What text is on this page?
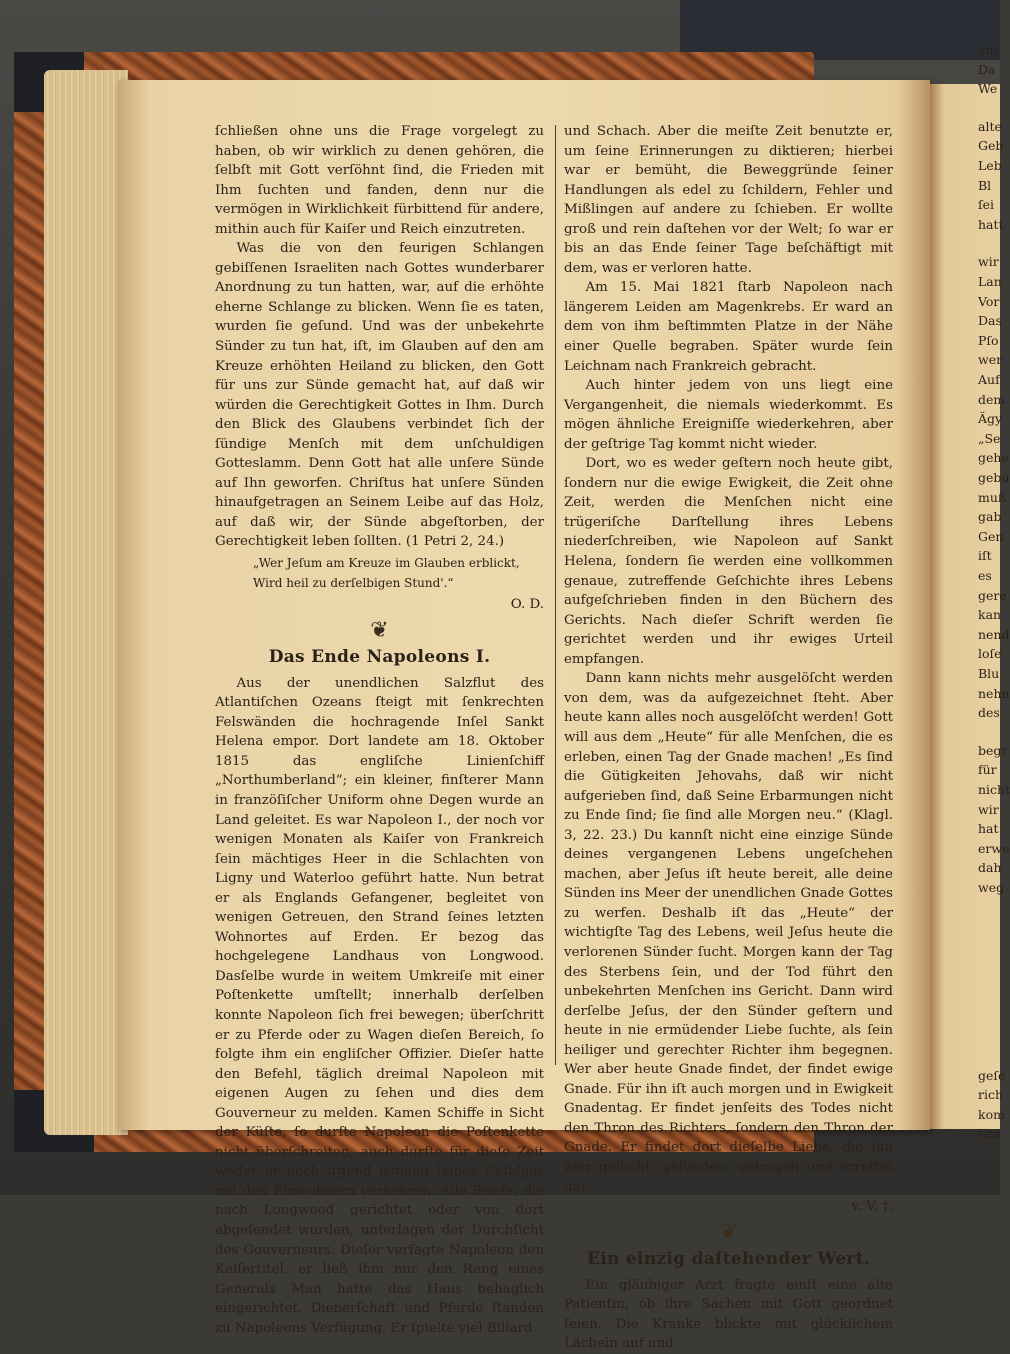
ant
Da
We
alte
Geb
Leb
Bl
ſei
hatt
wir
Lan
Vor
Das
Pſo
wer
Auf
dem
Ägy
„Se
gehe
gebu
muß
gab
Gen
iſt
es
gere
kan
nend
loſe
Blu
nehn
des
begr
für
nicht
wir
hat
erwe
dah
weg
geſe
rich
kom
Grä

ſchließen ohne uns die Frage vorgelegt zu haben, ob wir wirklich zu denen gehören, die ſelbſt mit Gott verſöhnt ſind, die Frieden mit Ihm ſuchten und fanden, denn nur die vermögen in Wirklichkeit fürbittend für andere, mithin auch für Kaiſer und Reich einzutreten.

Was die von den feurigen Schlangen gebiſſenen Israeliten nach Gottes wunderbarer Anordnung zu tun hatten, war, auf die erhöhte eherne Schlange zu blicken. Wenn ſie es taten, wurden ſie geſund. Und was der unbekehrte Sünder zu tun hat, iſt, im Glauben auf den am Kreuze erhöhten Heiland zu blicken, den Gott für uns zur Sünde gemacht hat, auf daß wir würden die Gerechtigkeit Gottes in Ihm. Durch den Blick des Glaubens verbindet ſich der ſündige Menſch mit dem unſchuldigen Gotteslamm. Denn Gott hat alle unſere Sünde auf Ihn geworfen. Chriſtus hat unſere Sünden hinaufgetragen an Seinem Leibe auf das Holz, auf daß wir, der Sünde abgeſtorben, der Gerechtigkeit leben ſollten. (1 Petri 2, 24.)

„Wer Jeſum am Kreuze im Glauben erblickt,

Wird heil zu derſelbigen Stund'.“

O. D.

❦

Das Ende Napoleons I.

Aus der unendlichen Salzflut des Atlantiſchen Ozeans ſteigt mit ſenkrechten Felswänden die hochragende Inſel Sankt Helena empor. Dort landete am 18. Oktober 1815 das engliſche Linienſchiff „Northumberland“; ein kleiner, finſterer Mann in franzöſiſcher Uniform ohne Degen wurde an Land geleitet. Es war Napoleon I., der noch vor wenigen Monaten als Kaiſer von Frankreich ſein mächtiges Heer in die Schlachten von Ligny und Waterloo geführt hatte. Nun betrat er als Englands Gefangener, begleitet von wenigen Getreuen, den Strand ſeines letzten Wohnortes auf Erden. Er bezog das hochgelegene Landhaus von Longwood. Dasſelbe wurde in weitem Umkreiſe mit einer Poſtenkette umſtellt; innerhalb derſelben konnte Napoleon ſich frei bewegen; überſchritt er zu Pferde oder zu Wagen dieſen Bereich, ſo folgte ihm ein engliſcher Offizier. Dieſer hatte den Befehl, täglich dreimal Napoleon mit eigenen Augen zu ſehen und dies dem Gouverneur zu melden. Kamen Schiffe in Sicht der Küſte, ſo durfte Napoleon die Poſtenkette nicht überſchreiten, auch durfte für dieſe Zeit weder er noch irgend jemand ſeines Gefolges mit den Einwohnern verkehren. Alle Briefe, die nach Longwood gerichtet oder von dort abgeſendet wurden, unterlagen der Durchſicht des Gouverneurs. Dieſer verſagte Napoleon den Kaiſertitel, er ließ ihm nur den Rang eines Generals Man hatte das Haus behaglich eingerichtet. Dienerſchaft und Pferde ſtanden zu Napoleons Verfügung. Er ſpielte viel Billard

und Schach. Aber die meiſte Zeit benutzte er, um ſeine Erinnerungen zu diktieren; hierbei war er bemüht, die Beweggründe ſeiner Handlungen als edel zu ſchildern, Fehler und Mißlingen auf andere zu ſchieben. Er wollte groß und rein daſtehen vor der Welt; ſo war er bis an das Ende ſeiner Tage beſchäftigt mit dem, was er verloren hatte.

Am 15. Mai 1821 ſtarb Napoleon nach längerem Leiden am Magenkrebs. Er ward an dem von ihm beſtimmten Platze in der Nähe einer Quelle begraben. Später wurde ſein Leichnam nach Frankreich gebracht.

Auch hinter jedem von uns liegt eine Vergangenheit, die niemals wiederkommt. Es mögen ähnliche Ereigniſſe wiederkehren, aber der geſtrige Tag kommt nicht wieder.

Dort, wo es weder geſtern noch heute gibt, ſondern nur die ewige Ewigkeit, die Zeit ohne Zeit, werden die Menſchen nicht eine trügeriſche Darſtellung ihres Lebens niederſchreiben, wie Napoleon auf Sankt Helena, ſondern ſie werden eine vollkommen genaue, zutreffende Geſchichte ihres Lebens aufgeſchrieben finden in den Büchern des Gerichts. Nach dieſer Schrift werden ſie gerichtet werden und ihr ewiges Urteil empfangen.

Dann kann nichts mehr ausgelöſcht werden von dem, was da aufgezeichnet ſteht. Aber heute kann alles noch ausgelöſcht werden! Gott will aus dem „Heute“ für alle Menſchen, die es erleben, einen Tag der Gnade machen! „Es ſind die Gütigkeiten Jehovahs, daß wir nicht aufgerieben ſind, daß Seine Erbarmungen nicht zu Ende ſind; ſie ſind alle Morgen neu.“ (Klagl. 3, 22. 23.) Du kannſt nicht eine einzige Sünde deines vergangenen Lebens ungeſchehen machen, aber Jeſus iſt heute bereit, alle deine Sünden ins Meer der unendlichen Gnade Gottes zu werfen. Deshalb iſt das „Heute“ der wichtigſte Tag des Lebens, weil Jeſus heute die verlorenen Sünder ſucht. Morgen kann der Tag des Sterbens ſein, und der Tod führt den unbekehrten Menſchen ins Gericht. Dann wird derſelbe Jeſus, der den Sünder geſtern und heute in nie ermüdender Liebe ſuchte, als ſein heiliger und gerechter Richter ihm begegnen. Wer aber heute Gnade findet, der findet ewige Gnade. Für ihn iſt auch morgen und in Ewigkeit Gnadentag. Er findet jenſeits des Todes nicht den Thron des Richters, ſondern den Thron der Gnade. Er findet dort dieſelbe Liebe, die ihn hier geſucht, gefunden, getragen und errettet hat.

v. V. †.

❦

Ein einzig daſtehender Wert.

Ein gläubiger Arzt fragte einſt eine alte Patientin, ob ihre Sachen mit Gott geordnet ſeien. Die Kranke blickte mit glücklichem Lächeln auf und
